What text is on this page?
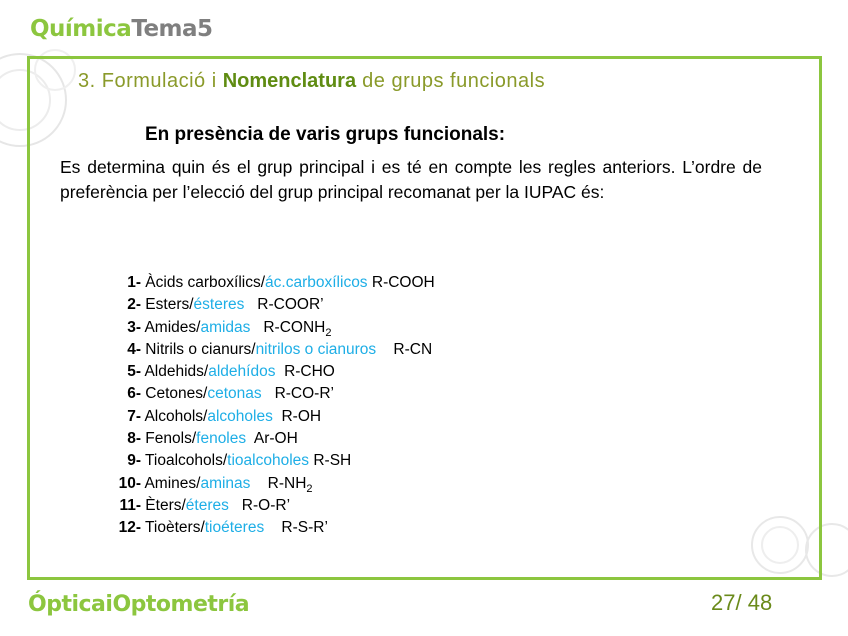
QuímicaTema5
3. Formulació i Nomenclatura de grups funcionals
En presència de varis grups funcionals:
Es determina quin és el grup principal i es té en compte les regles anteriors. L’ordre de preferència per l’elecció del grup principal recomanat per la IUPAC és:
1- Àcids carboxílics/ác.carboxílicos R-COOH
2- Esters/ésteres   R-COOR’
3- Amides/amidas   $R-CONH_2$
4- Nitrils o cianurs/nitrilos o cianuros    R-CN
5- Aldehids/aldehídos  R-CHO
6- Cetones/cetonas   R-CO-R’
7- Alcohols/alcoholes  R-OH
8- Fenols/fenoles  Ar-OH
9- Tioalcohols/tioalcoholes R-SH
10- Amines/aminas    $R-NH_2$
11- Èters/éteres   R-O-R’
12- Tioèters/tioéteres    R-S-R’
ÓpticaiOptometría	27/ 48
